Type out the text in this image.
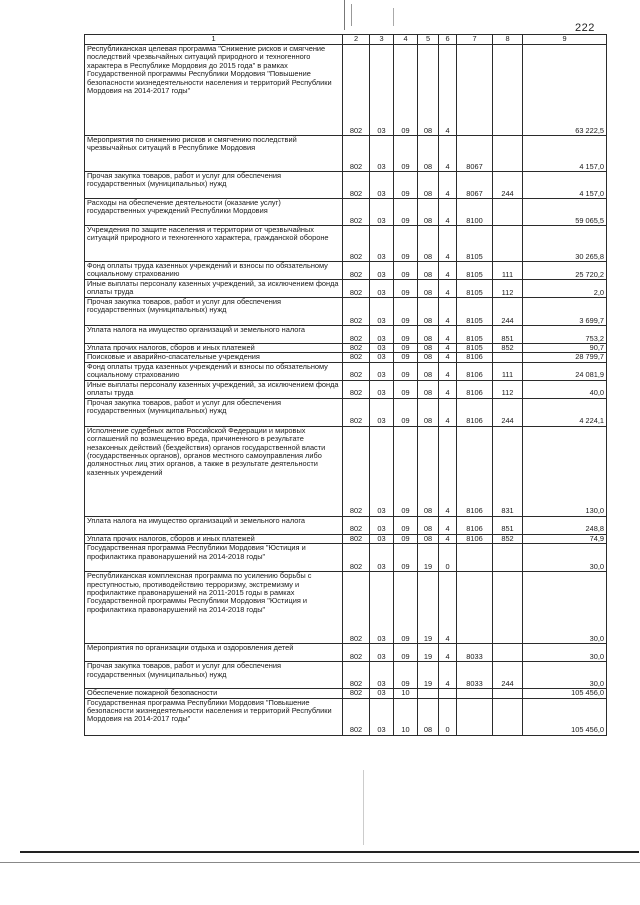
222
1	2	3	4	5	6	7	8	9
Республиканская целевая программа "Снижение рисков и смягчение последствий чрезвычайных ситуаций природного и техногенного характера в Республике Мордовия до 2015 года" в рамках Государственной программы Республики Мордовия "Повышение безопасности жизнедеятельности населения и территорий Республики Мордовия на 2014-2017 годы"	802	03	09	08	4			63 222,5
Мероприятия по снижению рисков и смягчению последствий чрезвычайных ситуаций в Республике Мордовия	802	03	09	08	4	8067		4 157,0
Прочая закупка товаров, работ и услуг для обеспечения государственных (муниципальных) нужд	802	03	09	08	4	8067	244	4 157,0
Расходы на обеспечение деятельности (оказание услуг) государственных учреждений Республики Мордовия	802	03	09	08	4	8100		59 065,5
Учреждения по защите населения и территории от чрезвычайных ситуаций природного и техногенного характера, гражданской обороне	802	03	09	08	4	8105		30 265,8
Фонд оплаты труда казенных учреждений и взносы по обязательному социальному страхованию	802	03	09	08	4	8105	111	25 720,2
Иные выплаты персоналу казенных учреждений, за исключением фонда оплаты труда	802	03	09	08	4	8105	112	2,0
Прочая закупка товаров, работ и услуг для обеспечения государственных (муниципальных) нужд	802	03	09	08	4	8105	244	3 699,7
Уплата налога на имущество организаций и земельного налога	802	03	09	08	4	8105	851	753,2
Уплата прочих налогов, сборов и иных платежей	802	03	09	08	4	8105	852	90,7
Поисковые и аварийно-спасательные учреждения	802	03	09	08	4	8106		28 799,7
Фонд оплаты труда казенных учреждений и взносы по обязательному социальному страхованию	802	03	09	08	4	8106	111	24 081,9
Иные выплаты персоналу казенных учреждений, за исключением фонда оплаты труда	802	03	09	08	4	8106	112	40,0
Прочая закупка товаров, работ и услуг для обеспечения государственных (муниципальных) нужд	802	03	09	08	4	8106	244	4 224,1
Исполнение судебных актов Российской Федерации и мировых соглашений по возмещению вреда, причиненного в результате незаконных действий (бездействия) органов государственной власти (государственных органов), органов местного самоуправления либо должностных лиц этих органов, а также в результате деятельности казенных учреждений	802	03	09	08	4	8106	831	130,0
Уплата налога на имущество организаций и земельного налога	802	03	09	08	4	8106	851	248,8
Уплата прочих налогов, сборов и иных платежей	802	03	09	08	4	8106	852	74,9
Государственная программа Республики Мордовия "Юстиция и профилактика правонарушений на 2014-2018 годы"	802	03	09	19	0			30,0
Республиканская комплексная программа по усилению борьбы с преступностью, противодействию терроризму, экстремизму и профилактике правонарушений на 2011-2015 годы в рамках Государственной программы Республики Мордовия "Юстиция и профилактика правонарушений на 2014-2018 годы"	802	03	09	19	4			30,0
Мероприятия по организации отдыха и оздоровления детей	802	03	09	19	4	8033		30,0
Прочая закупка товаров, работ и услуг для обеспечения государственных (муниципальных) нужд	802	03	09	19	4	8033	244	30,0
Обеспечение пожарной безопасности	802	03	10					105 456,0
Государственная программа Республики Мордовия "Повышение безопасности жизнедеятельности населения и территорий Республики Мордовия на 2014-2017 годы"	802	03	10	08	0			105 456,0
